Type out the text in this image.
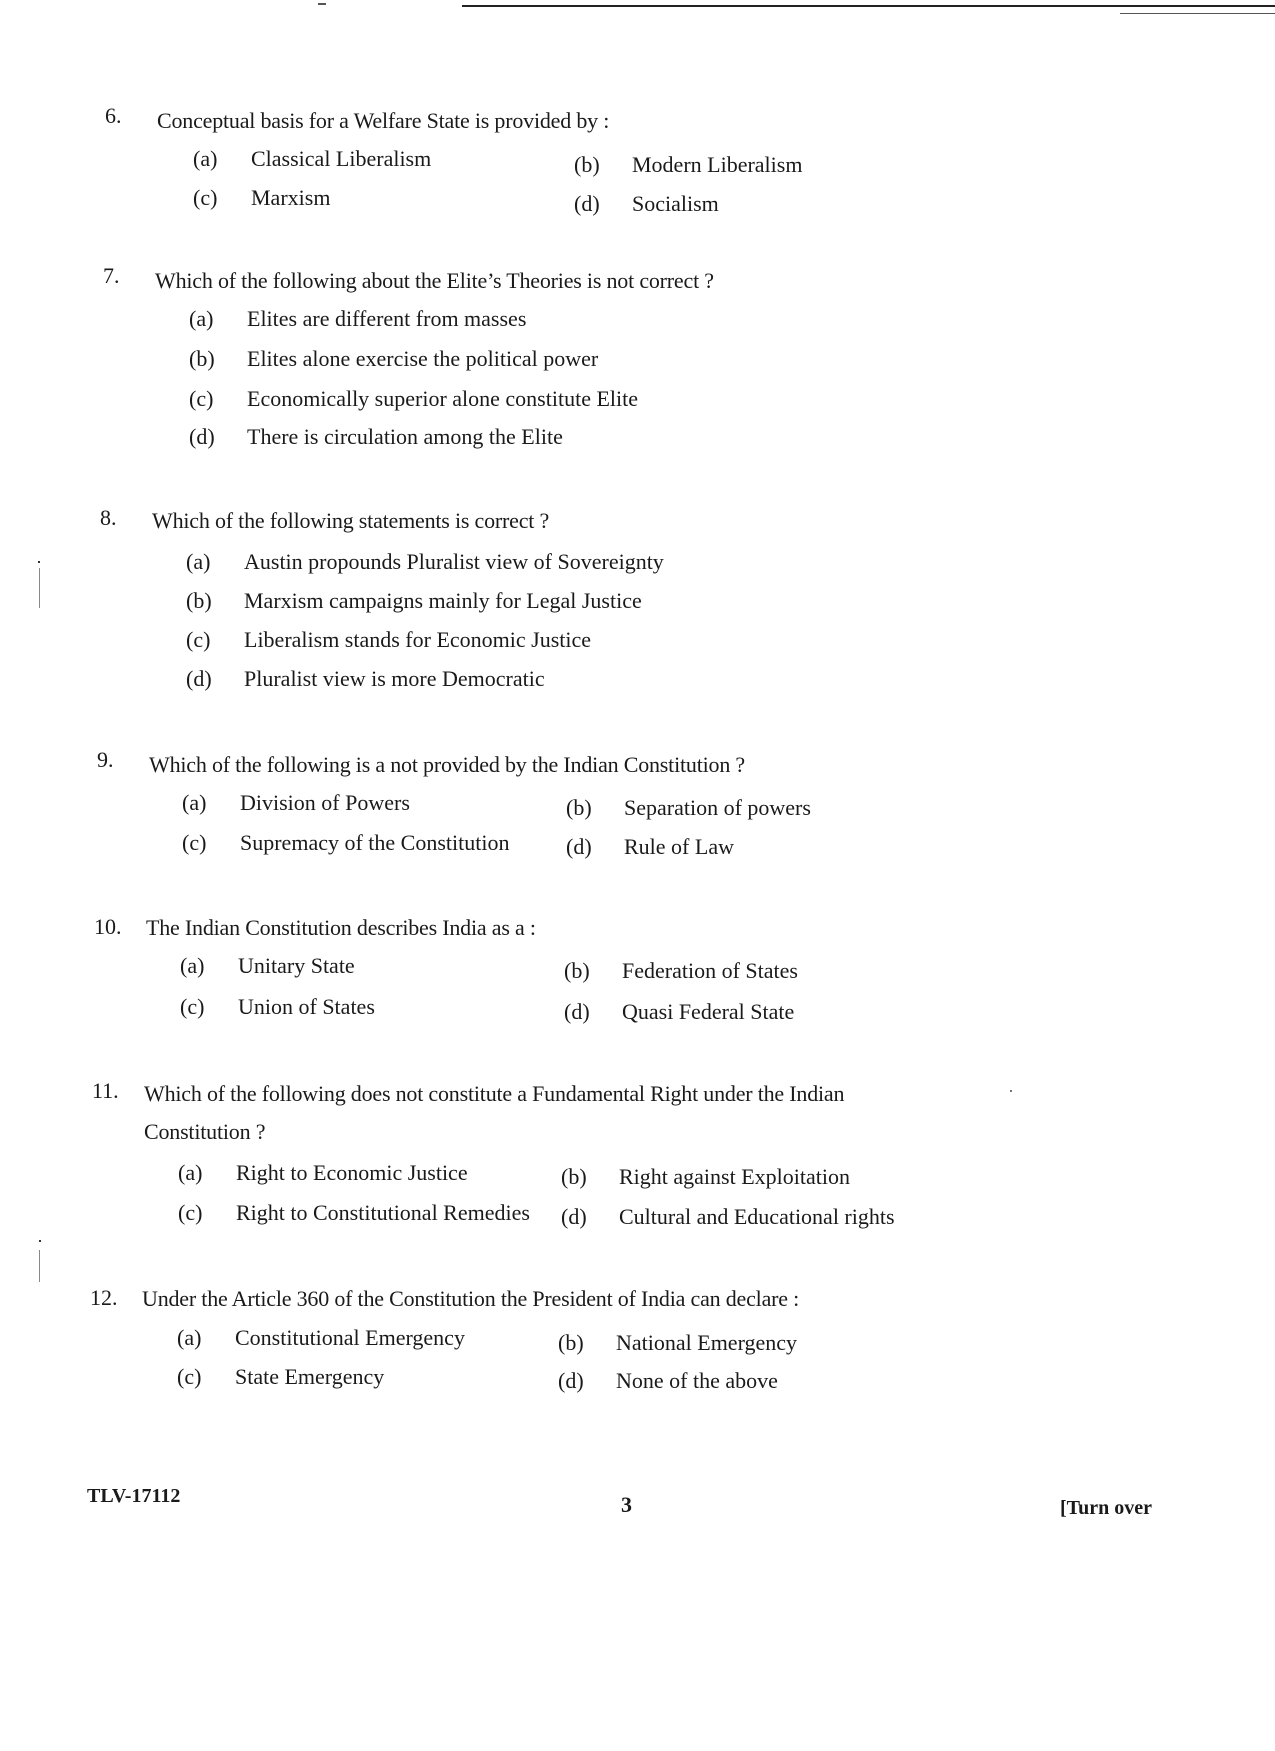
6. Conceptual basis for a Welfare State is provided by :
(a) Classical Liberalism	(b) Modern Liberalism
(c) Marxism	(d) Socialism
7. Which of the following about the Elite’s Theories is not correct ?
(a) Elites are different from masses
(b) Elites alone exercise the political power
(c) Economically superior alone constitute Elite
(d) There is circulation among the Elite
8. Which of the following statements is correct ?
(a) Austin propounds Pluralist view of Sovereignty
(b) Marxism campaigns mainly for Legal Justice
(c) Liberalism stands for Economic Justice
(d) Pluralist view is more Democratic
9. Which of the following is a not provided by the Indian Constitution ?
(a) Division of Powers	(b) Separation of powers
(c) Supremacy of the Constitution	(d) Rule of Law
10. The Indian Constitution describes India as a :
(a) Unitary State	(b) Federation of States
(c) Union of States	(d) Quasi Federal State
11. Which of the following does not constitute a Fundamental Right under the Indian
Constitution ?
(a) Right to Economic Justice	(b) Right against Exploitation
(c) Right to Constitutional Remedies (d) Cultural and Educational rights
12. Under the Article 360 of the Constitution the President of India can declare :
(a) Constitutional Emergency	(b) National Emergency
(c) State Emergency	(d) None of the above
TLV-17112	3	[Turn over
